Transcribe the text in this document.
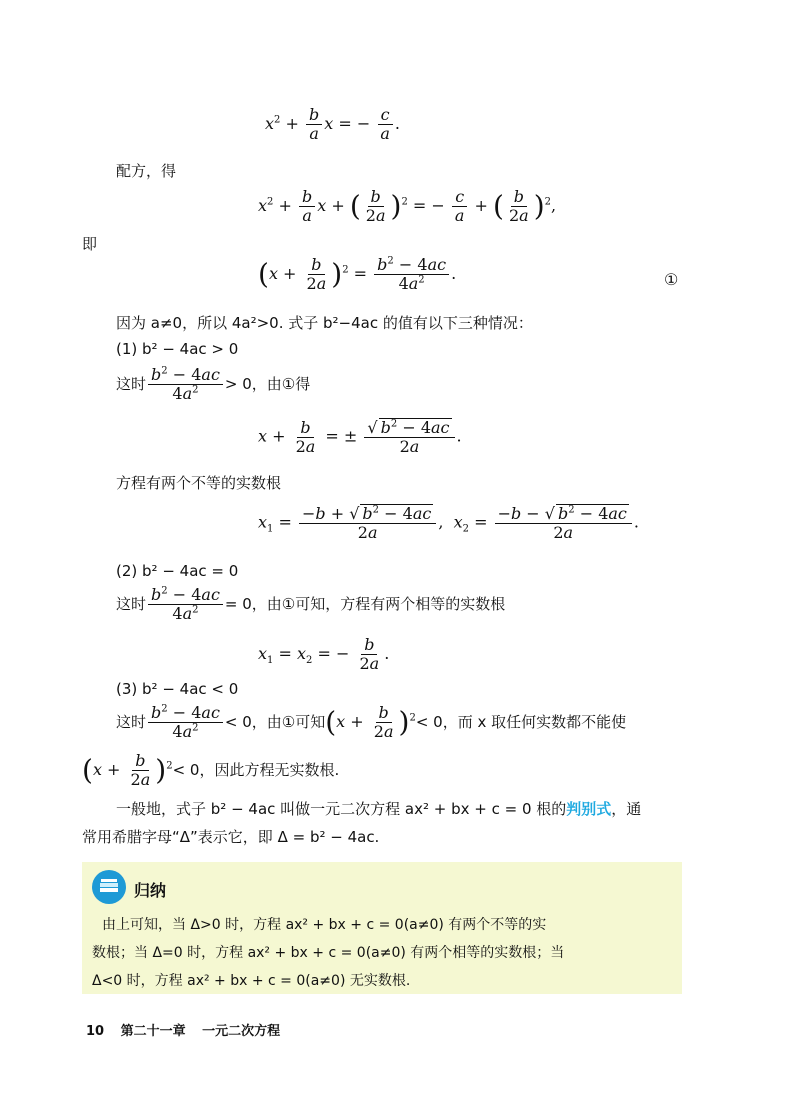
$x^2 + \frac{b}{a}$ x = − $\frac{c}{a}$ .
配方，得
$x^2 + \frac{b}{a}$ x + ( $\frac{b}{2a} )^2$ = − $\frac{c}{a}$ + ( $\frac{b}{2a} )^2$,
即
$(x + \frac{b}{2a} )^2 = \frac{b^2 - 4ac}{4a^2}$ .	①
因为 a≠0，所以 4a²>0. 式子 b²−4ac 的值有以下三种情况：
(1) b² − 4ac > 0
这时 $\frac{b^2 - 4ac}{4a^2} > 0$，由①得
$x + \frac{b}{2a}$ = ± $\frac{√ b^2 - 4ac}{2a}$ .
方程有两个不等的实数根
$x_1 = \frac{-b + √ b^2 - 4ac}{2a}$ ,  $x_2 = \frac{-b - √ b^2 - 4ac}{2a}$ .
(2) b² − 4ac = 0
这时 $\frac{b^2 - 4ac}{4a^2} = 0$，由①可知，方程有两个相等的实数根
$x_1 = x_2$ = − $\frac{b}{2a}$ .
(3) b² − 4ac < 0
这时 $\frac{b^2 - 4ac}{4a^2} < 0$，由①可知$(x + \frac{b}{2a} )^2< 0$，而 x 取任何实数都不能使
$(x + \frac{b}{2a} )^2< 0$，因此方程无实数根.
一般地，式子 b² − 4ac 叫做一元二次方程 ax² + bx + c = 0 根的判别式，通
常用希腊字母“Δ”表示它，即 Δ = b² − 4ac.
归纳
由上可知，当 Δ>0 时，方程 ax² + bx + c = 0(a≠0) 有两个不等的实
数根；当 Δ=0 时，方程 ax² + bx + c = 0(a≠0) 有两个相等的实数根；当
Δ<0 时，方程 ax² + bx + c = 0(a≠0) 无实数根.
10 第二十一章 一元二次方程
